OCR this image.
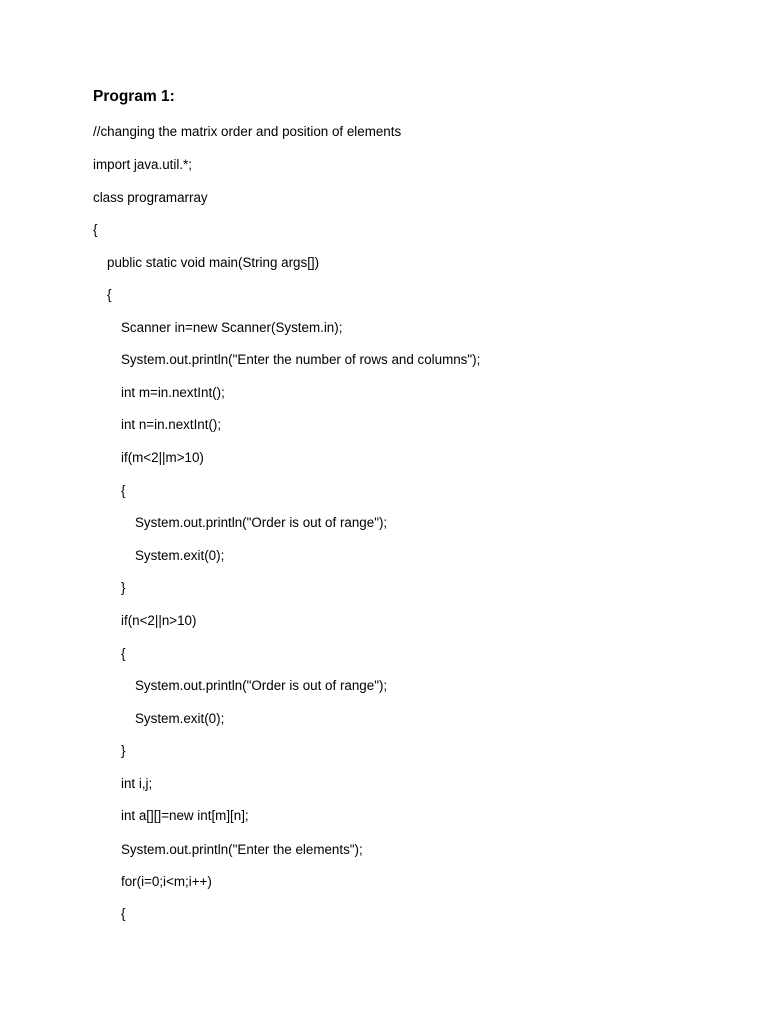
Program 1:
//changing the matrix order and position of elements
import java.util.*;
class programarray
{
public static void main(String args[])
{
Scanner in=new Scanner(System.in);
System.out.println("Enter the number of rows and columns");
int m=in.nextInt();
int n=in.nextInt();
if(m<2||m>10)
{
System.out.println("Order is out of range");
System.exit(0);
}
if(n<2||n>10)
{
System.out.println("Order is out of range");
System.exit(0);
}
int i,j;
int a[][]=new int[m][n];
System.out.println("Enter the elements");
for(i=0;i<m;i++)
{
